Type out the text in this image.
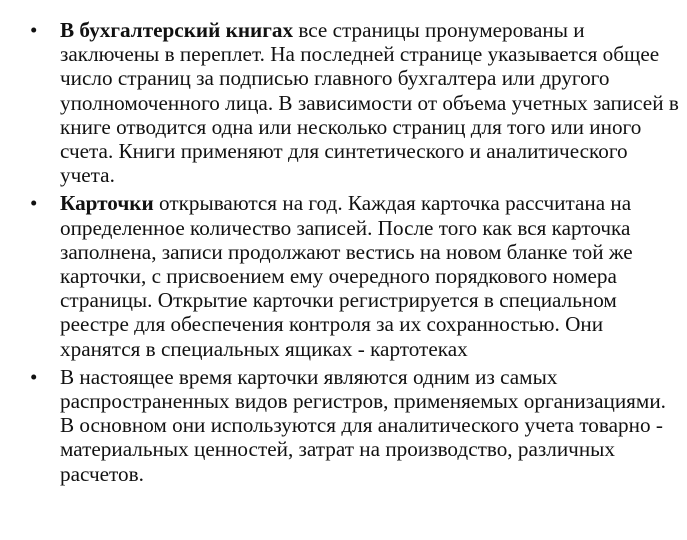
•	В бухгалтерский книгах все страницы пронумерованы и заключены в переплет. На последней странице указывается общее число страниц за подписью главного бухгалтера или другого уполномоченного лица. В зависимости от объема учетных записей в книге отводится одна или несколько страниц для того или иного счета. Книги применяют для синтетического и аналитического учета.
•	Карточки открываются на год. Каждая карточка рассчитана на определенное количество записей. После того как вся карточка заполнена, записи продолжают вестись на новом бланке той же карточки, с присвоением ему очередного порядкового номера страницы. Открытие карточки регистрируется в специальном реестре для обеспечения контроля за их сохранностью. Они хранятся в специальных ящиках - картотеках
•	В настоящее время карточки являются одним из самых распространенных видов регистров, применяемых организациями. В основном они используются для аналитического учета товарно - материальных ценностей, затрат на производство, различных расчетов.
